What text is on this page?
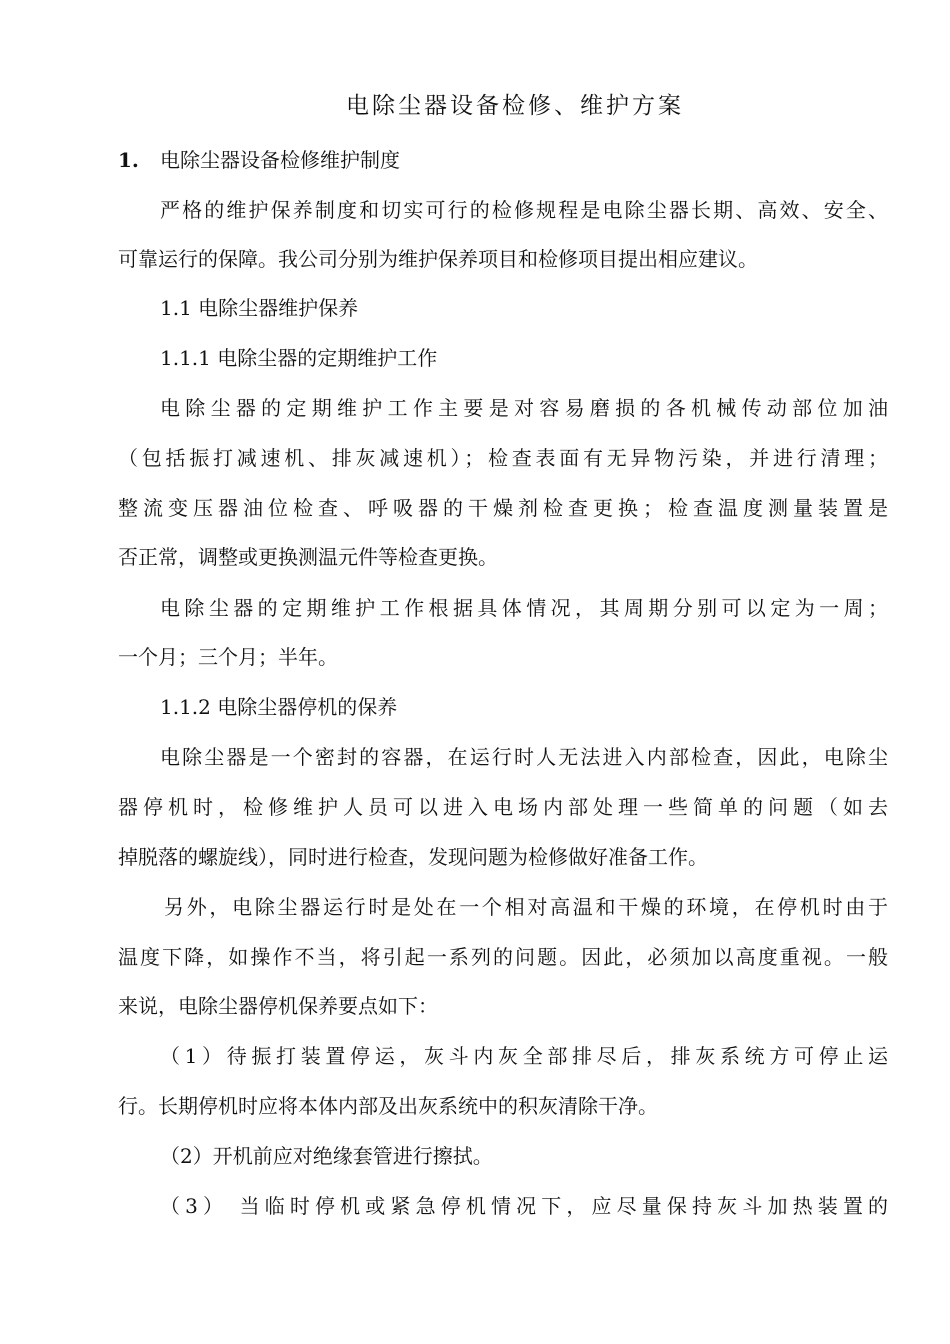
电除尘器设备检修、维护方案

1. 电除尘器设备检修维护制度

严格的维护保养制度和切实可行的检修规程是电除尘器长期、高效、安全、

可靠运行的保障。我公司分别为维护保养项目和检修项目提出相应建议。

1.1 电除尘器维护保养

1.1.1 电除尘器的定期维护工作

电除尘器的定期维护工作主要是对容易磨损的各机械传动部位加油

（包括振打减速机、排灰减速机）；检查表面有无异物污染，并进行清理；

整流变压器油位检查、呼吸器的干燥剂检查更换；检查温度测量装置是

否正常，调整或更换测温元件等检查更换。

电除尘器的定期维护工作根据具体情况，其周期分别可以定为一周；

一个月；三个月；半年。

1.1.2 电除尘器停机的保养

电除尘器是一个密封的容器，在运行时人无法进入内部检查，因此，电除尘

器停机时，检修维护人员可以进入电场内部处理一些简单的问题（如去

掉脱落的螺旋线），同时进行检查，发现问题为检修做好准备工作。

另外，电除尘器运行时是处在一个相对高温和干燥的环境，在停机时由于

温度下降，如操作不当，将引起一系列的问题。因此，必须加以高度重视。一般

来说，电除尘器停机保养要点如下：

（1）待振打装置停运，灰斗内灰全部排尽后，排灰系统方可停止运

行。长期停机时应将本体内部及出灰系统中的积灰清除干净。

（2）开机前应对绝缘套管进行擦拭。

（3） 当临时停机或紧急停机情况下，应尽量保持灰斗加热装置的
